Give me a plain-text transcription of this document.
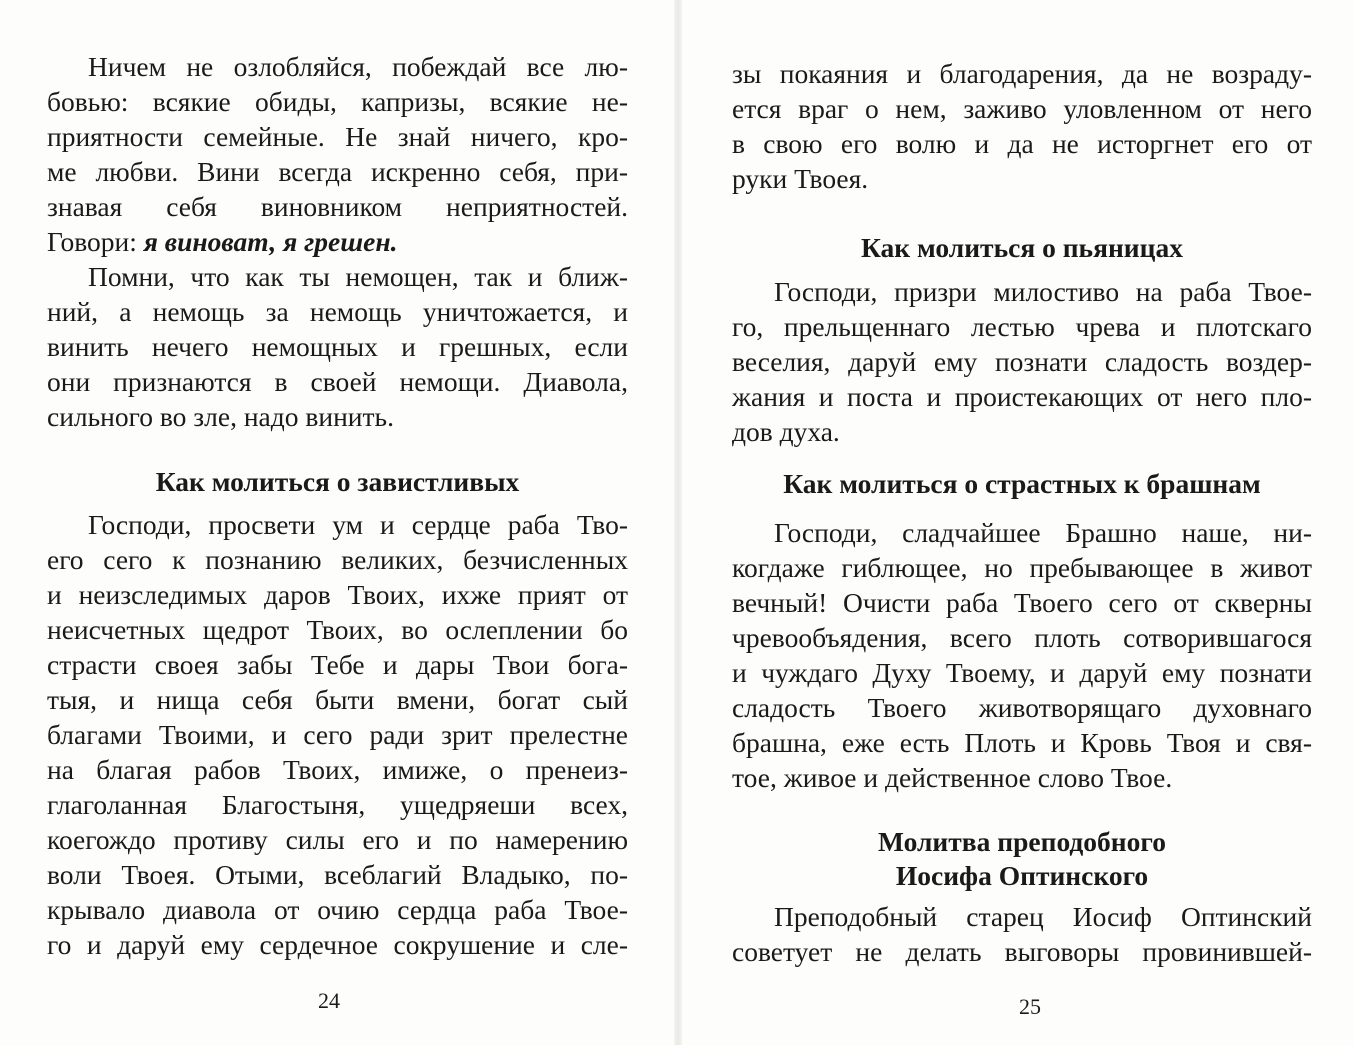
Ничем не озлобляйся, побеждай все лю-
бовью: всякие обиды, капризы, всякие не-
приятности семейные. Не знай ничего, кро-
ме любви. Вини всегда искренно себя, при-
знавая себя виновником неприятностей.
Говори: я виноват, я грешен.
Помни, что как ты немощен, так и ближ-
ний, а немощь за немощь уничтожается, и
винить нечего немощных и грешных, если
они признаются в своей немощи. Диавола,
сильного во зле, надо винить.
Как молиться о завистливых
Господи, просвети ум и сердце раба Тво-
его сего к познанию великих, безчисленных
и неизследимых даров Твоих, ихже прият от
неисчетных щедрот Твоих, во ослеплении бо
страсти своея забы Тебе и дары Твои бога-
тыя, и нища себя быти вмени, богат сый
благами Твоими, и сего ради зрит прелестне
на благая рабов Твоих, имиже, о пренеиз-
глаголанная Благостыня, ущедряеши всех,
коегождо противу силы его и по намерению
воли Твоея. Отыми, всеблагий Владыко, по-
крывало диавола от очию сердца раба Твое-
го и даруй ему сердечное сокрушение и сле-
24
зы покаяния и благодарения, да не возраду-
ется враг о нем, заживо уловленном от него
в свою его волю и да не исторгнет его от
руки Твоея.
Как молиться о пьяницах
Господи, призри милостиво на раба Твое-
го, прельщеннаго лестью чрева и плотскаго
веселия, даруй ему познати сладость воздер-
жания и поста и проистекающих от него пло-
дов духа.
Как молиться о страстных к брашнам
Господи, сладчайшее Брашно наше, ни-
когдаже гиблющее, но пребывающее в живот
вечный! Очисти раба Твоего сего от скверны
чревообъядения, всего плоть сотворившагося
и чуждаго Духу Твоему, и даруй ему познати
сладость Твоего животворящаго духовнаго
брашна, еже есть Плоть и Кровь Твоя и свя-
тое, живое и действенное слово Твое.
Молитва преподобного
Иосифа Оптинского
Преподобный старец Иосиф Оптинский
советует не делать выговоры провинившей-
25
